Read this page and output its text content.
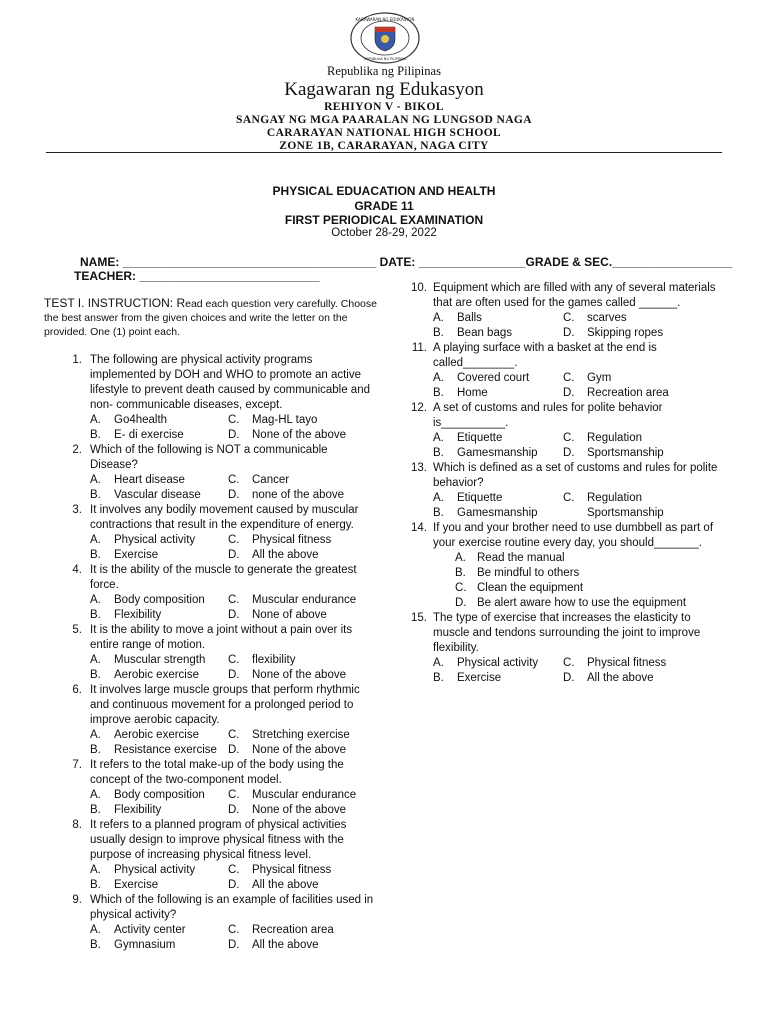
KAGAWARAN NG EDUKASYON
REPUBLIKA NG PILIPINAS
Republika ng Pilipinas
Kagawaran ng Edukasyon
REHIYON V - BIKOL
SANGAY NG MGA PAARALAN NG LUNGSOD NAGA
CARARAYAN NATIONAL HIGH SCHOOL
ZONE 1B, CARARAYAN, NAGA CITY
PHYSICAL EDUACATION AND HEALTH
GRADE 11
FIRST PERIODICAL EXAMINATION
October 28-29, 2022
NAME: ______________________________________ DATE: ________________GRADE & SEC.__________________
TEACHER: ___________________________
TEST I. INSTRUCTION: Read each question very carefully. Choose the best answer from the given choices and write the letter on the provided. One (1) point each.
1. The following are physical activity programs implemented by DOH and WHO to promote an active lifestyle to prevent death caused by communicable and non- communicable diseases, except.
A.	Go4health	C.	Mag-HL tayo
B.	E- di exercise	D.	None of the above
2. Which of the following is NOT a communicable Disease?
A.	Heart disease	C.	Cancer
B.	Vascular disease D.	none of the above
3. It involves any bodily movement caused by muscular contractions that result in the expenditure of energy.
A.	Physical activity	C.	Physical fitness
B.	Exercise	D.	All the above
4. It is the ability of the muscle to generate the greatest force.
A.	Body composition C.	Muscular endurance
B.	Flexibility	D.	None of above
5. It is the ability to move a joint without a pain over its entire range of motion.
A.	Muscular strength C.	flexibility
B.	Aerobic exercise	D.	None of the above
6. It involves large muscle groups that perform rhythmic and continuous movement for a prolonged period to improve aerobic capacity.
A.	Aerobic exercise	C.	Stretching exercise
B.	Resistance exercise D.	None of the above
7. It refers to the total make-up of the body using the concept of the two-component model.
A.	Body composition C.	Muscular endurance
B.	Flexibility	D.	None of the above
8. It refers to a planned program of physical activities usually design to improve physical fitness with the purpose of increasing physical fitness level.
A.	Physical activity	C.	Physical fitness
B.	Exercise	D.	All the above
9. Which of the following is an example of facilities used in physical activity?
A.	Activity center	C.	Recreation area
B.	Gymnasium	D.	All the above
10. Equipment which are filled with any of several materials that are often used for the games called ______.
A.	Balls	C.	scarves
B.	Bean bags	D.	Skipping ropes
11. A playing surface with a basket at the end is called________.
A.	Covered court	C.	Gym
B.	Home	D.	Recreation area
12. A set of customs and rules for polite behavior is__________.
A.	Etiquette	C.	Regulation
B.	Gamesmanship D.	Sportsmanship
13. Which is defined as a set of customs and rules for polite behavior?
A.	Etiquette	C.	Regulation
B.	Gamesmanship	Sportsmanship
14. If you and your brother need to use dumbbell as part of your exercise routine every day, you should_______.
A. Read the manual
B. Be mindful to others
C. Clean the equipment
D. Be alert aware how to use the equipment
15. The type of exercise that increases the elasticity to muscle and tendons surrounding the joint to improve flexibility.
A.	Physical activity C.	Physical fitness
B.	Exercise	D.	All the above
